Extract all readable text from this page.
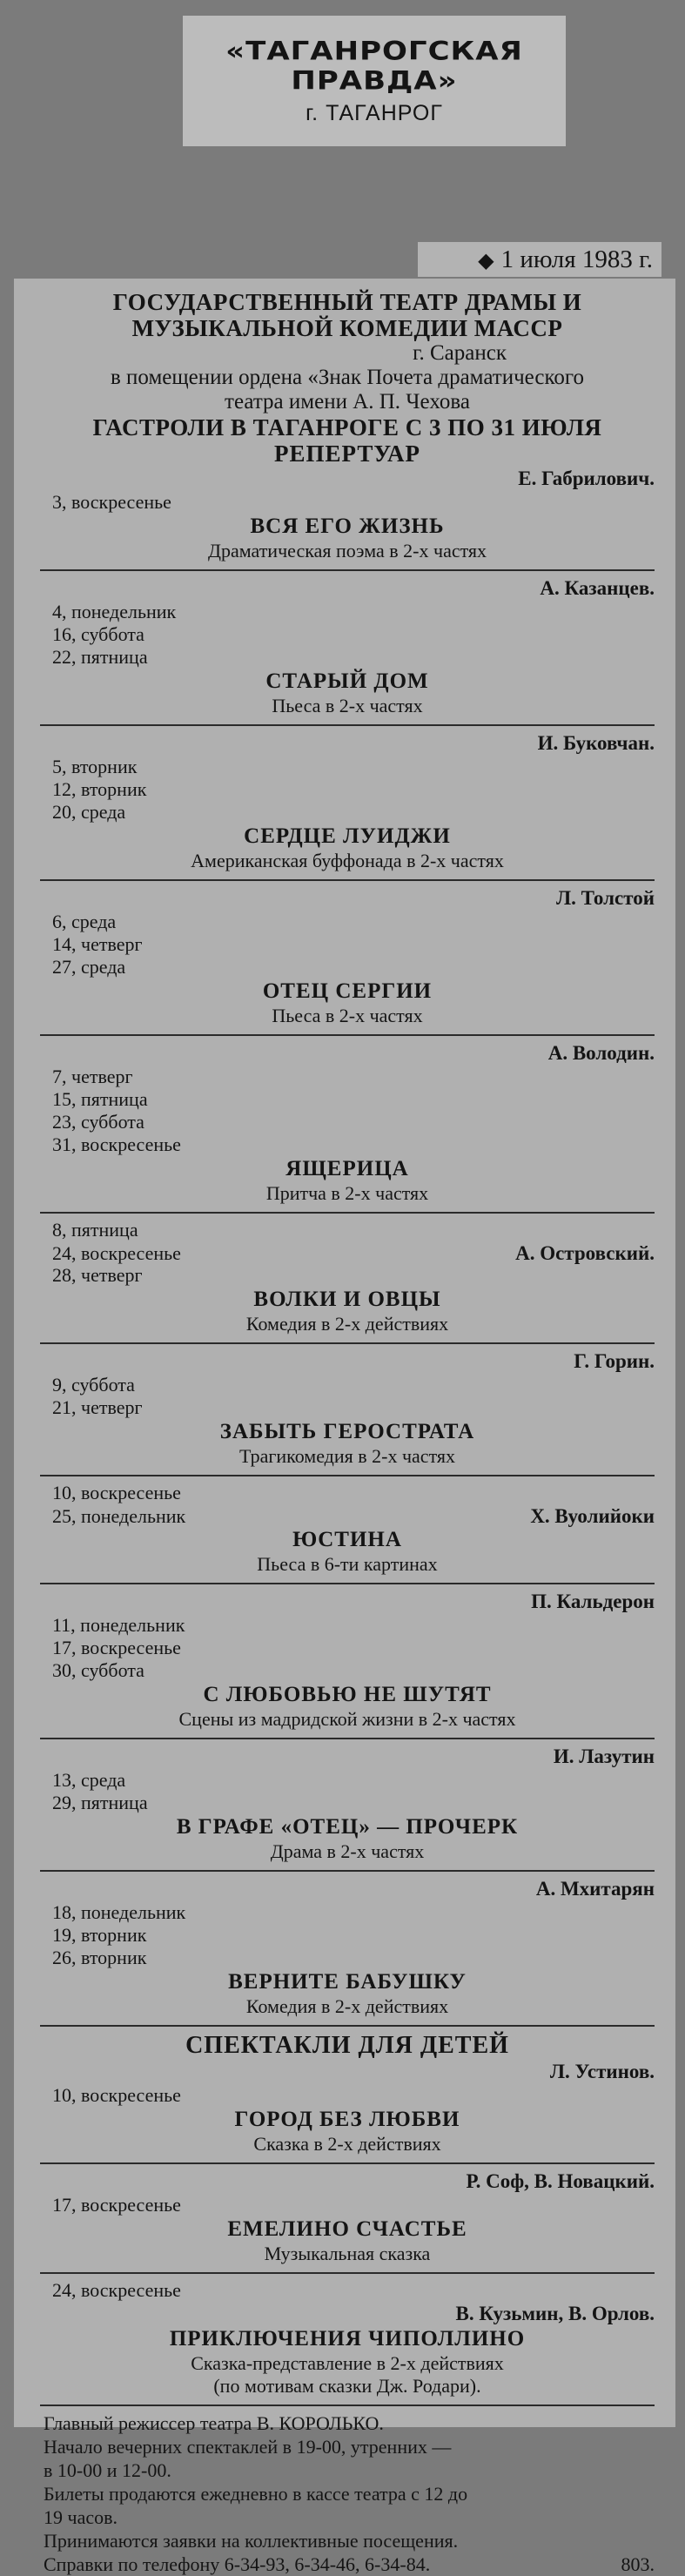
«ТАГАНРОГСКАЯ ПРАВДА»
г. ТАГАНРОГ
◆ 1 июля 1983 г.
ГОСУДАРСТВЕННЫЙ ТЕАТР ДРАМЫ И
МУЗЫКАЛЬНОЙ КОМЕДИИ МАССР
г. Саранск
в помещении ордена «Знак Почета драматического
театра имени А. П. Чехова
ГАСТРОЛИ В ТАГАНРОГЕ С 3 ПО 31 ИЮЛЯ
РЕПЕРТУАР
Е. Габрилович.
3, воскресенье
ВСЯ ЕГО ЖИЗНЬ
Драматическая поэма в 2-х частях
А. Казанцев.
4, понедельник
16, суббота
22, пятница
СТАРЫЙ ДОМ
Пьеса в 2-х частях
И. Буковчан.
5, вторник
12, вторник
20, среда
СЕРДЦЕ ЛУИДЖИ
Американская буффонада в 2-х частях
Л. Толстой
6, среда
14, четверг
27, среда
ОТЕЦ СЕРГИИ
Пьеса в 2-х частях
А. Володин.
7, четверг
15, пятница
23, суббота
31, воскресенье
ЯЩЕРИЦА
Притча в 2-х частях
8, пятница
24, воскресенье	А. Островский.
28, четверг
ВОЛКИ И ОВЦЫ
Комедия в 2-х действиях
Г. Горин.
9, суббота
21, четверг
ЗАБЫТЬ ГЕРОСТРАТА
Трагикомедия в 2-х частях
10, воскресенье
25, понедельник	Х. Вуолийоки
ЮСТИНА
Пьеса в 6-ти картинах
П. Кальдерон
11, понедельник
17, воскресенье
30, суббота
С ЛЮБОВЬЮ НЕ ШУТЯТ
Сцены из мадридской жизни в 2-х частях
И. Лазутин
13, среда
29, пятница
В ГРАФЕ «ОТЕЦ» — ПРОЧЕРК
Драма в 2-х частях
А. Мхитарян
18, понедельник
19, вторник
26, вторник
ВЕРНИТЕ БАБУШКУ
Комедия в 2-х действиях
СПЕКТАКЛИ ДЛЯ ДЕТЕЙ
Л. Устинов.
10, воскресенье
ГОРОД БЕЗ ЛЮБВИ
Сказка в 2-х действиях
Р. Соф, В. Новацкий.
17, воскресенье
ЕМЕЛИНО СЧАСТЬЕ
Музыкальная сказка
24, воскресенье
В. Кузьмин, В. Орлов.
ПРИКЛЮЧЕНИЯ ЧИПОЛЛИНО
Сказка-представление в 2-х действиях
(по мотивам сказки Дж. Родари).
Главный режиссер театра В. КОРОЛЬКО.
Начало вечерних спектаклей в 19-00, утренних —
в 10-00 и 12-00.
Билеты продаются ежедневно в кассе театра с 12 до
19 часов.
Принимаются заявки на коллективные посещения.
Справки по телефону 6-34-93, 6-34-46, 6-34-84.	803.
